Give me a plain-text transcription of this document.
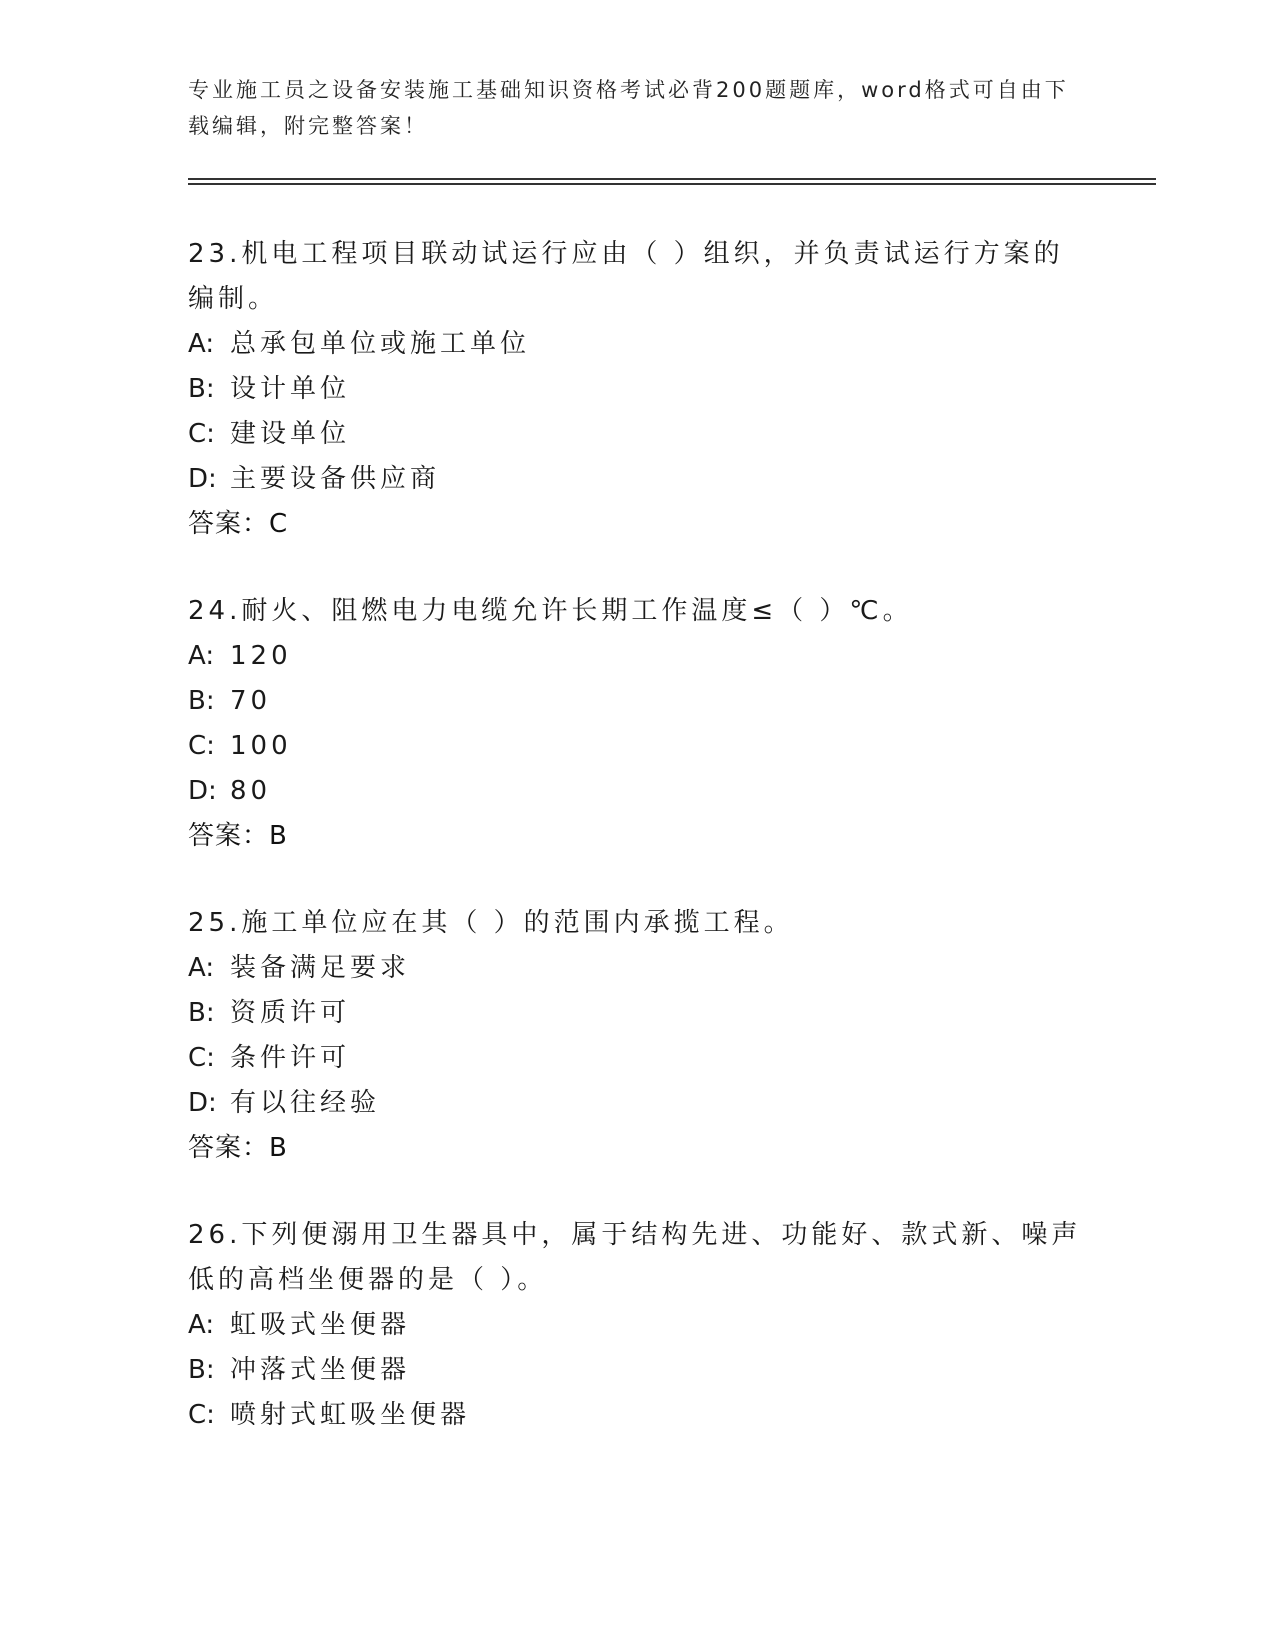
专业施工员之设备安装施工基础知识资格考试必背200题题库，word格式可自由下载编辑，附完整答案！
23.机电工程项目联动试运行应由（ ）组织，并负责试运行方案的编制。
A: 总承包单位或施工单位
B: 设计单位
C: 建设单位
D: 主要设备供应商
答案：C
24.耐火、阻燃电力电缆允许长期工作温度≤（ ）℃。
A: 120
B: 70
C: 100
D: 80
答案：B
25.施工单位应在其（ ）的范围内承揽工程。
A: 装备满足要求
B: 资质许可
C: 条件许可
D: 有以往经验
答案：B
26.下列便溺用卫生器具中，属于结构先进、功能好、款式新、噪声低的高档坐便器的是（ ）。
A: 虹吸式坐便器
B: 冲落式坐便器
C: 喷射式虹吸坐便器
